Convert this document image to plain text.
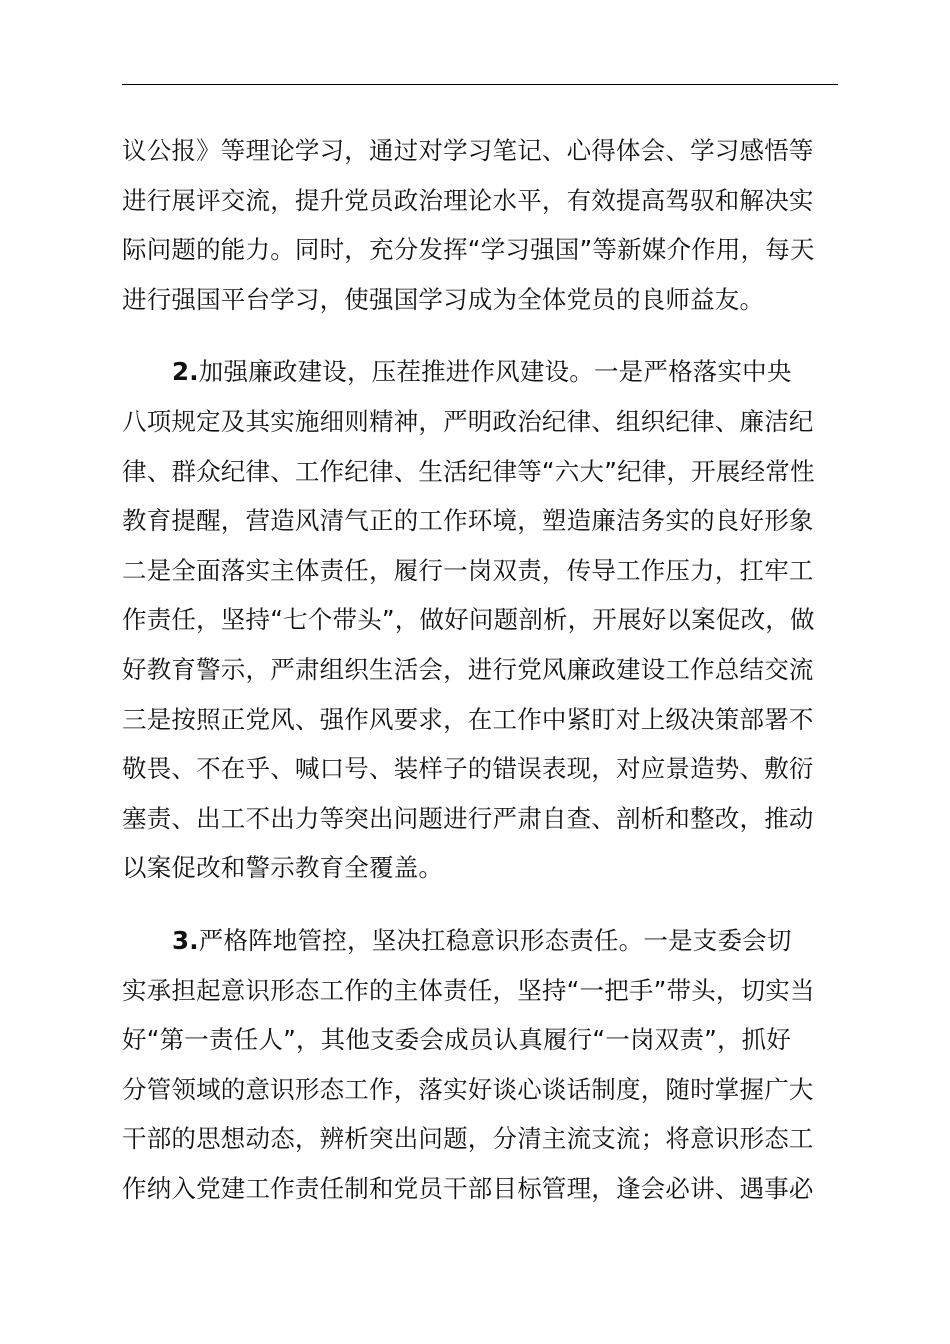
议公报》等理论学习，通过对学习笔记、心得体会、学习感悟等
进行展评交流，提升党员政治理论水平，有效提高驾驭和解决实
际问题的能力。同时，充分发挥“学习强国”等新媒介作用，每天
进行强国平台学习，使强国学习成为全体党员的良师益友。
2.加强廉政建设，压茬推进作风建设。一是严格落实中央
八项规定及其实施细则精神，严明政治纪律、组织纪律、廉洁纪
律、群众纪律、工作纪律、生活纪律等“六大”纪律，开展经常性
教育提醒，营造风清气正的工作环境，塑造廉洁务实的良好形象
二是全面落实主体责任，履行一岗双责，传导工作压力，扛牢工
作责任，坚持“七个带头”，做好问题剖析，开展好以案促改，做
好教育警示，严肃组织生活会，进行党风廉政建设工作总结交流
三是按照正党风、强作风要求，在工作中紧盯对上级决策部署不
敬畏、不在乎、喊口号、装样子的错误表现，对应景造势、敷衍
塞责、出工不出力等突出问题进行严肃自查、剖析和整改，推动
以案促改和警示教育全覆盖。
3.严格阵地管控，坚决扛稳意识形态责任。一是支委会切
实承担起意识形态工作的主体责任，坚持“一把手”带头，切实当
好“第一责任人”，其他支委会成员认真履行“一岗双责”，抓好
分管领域的意识形态工作，落实好谈心谈话制度，随时掌握广大
干部的思想动态，辨析突出问题，分清主流支流；将意识形态工
作纳入党建工作责任制和党员干部目标管理，逢会必讲、遇事必
